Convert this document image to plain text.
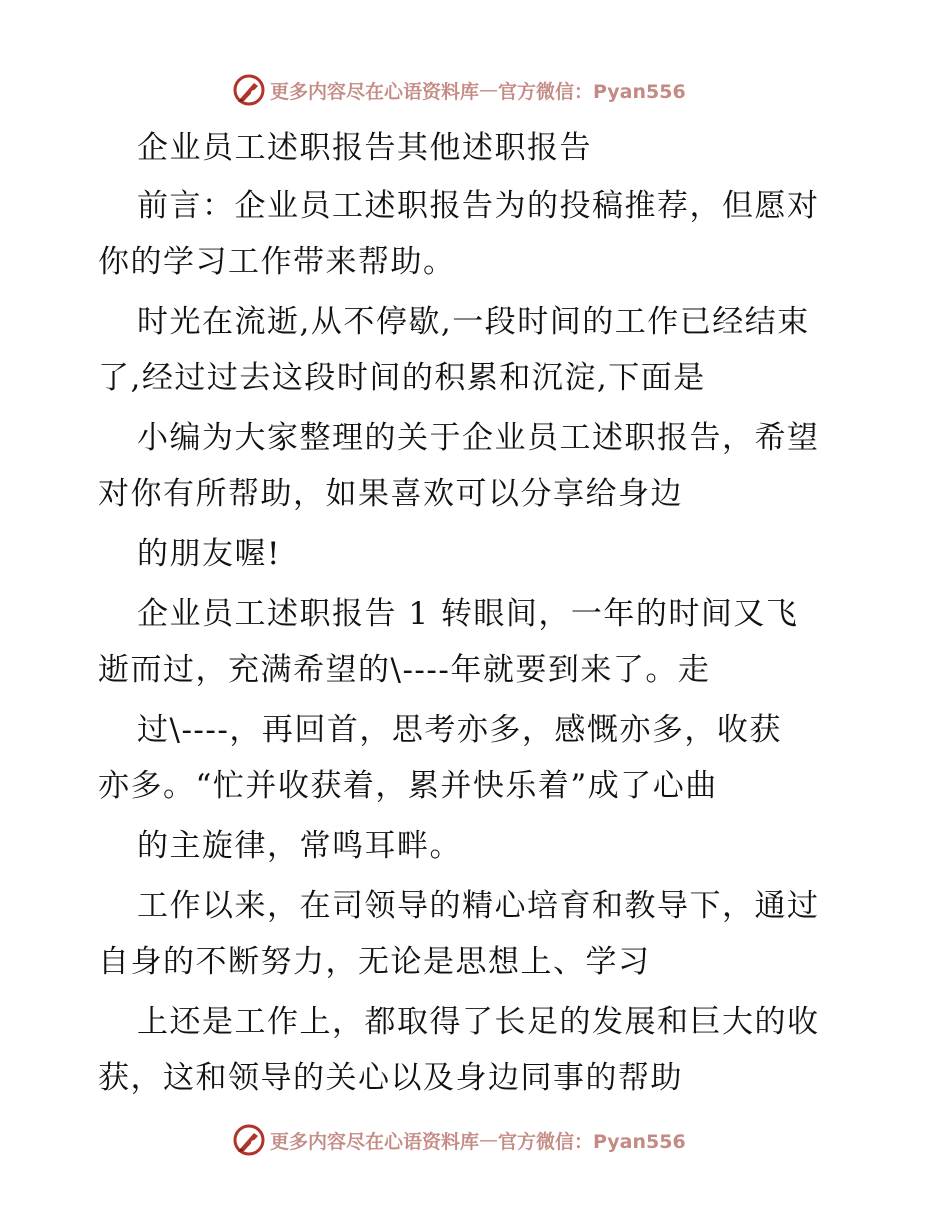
更多内容尽在心语资料库 — 官方微信：Pyan556
企业员工述职报告其他述职报告
前言：企业员工述职报告为的投稿推荐，但愿对
你的学习工作带来帮助。
时光在流逝,从不停歇,一段时间的工作已经结束
了,经过过去这段时间的积累和沉淀,下面是
小编为大家整理的关于企业员工述职报告，希望
对你有所帮助，如果喜欢可以分享给身边
的朋友喔!
企业员工述职报告 1 转眼间，一年的时间又飞
逝而过，充满希望的\----年就要到来了。走
过\----，再回首，思考亦多，感慨亦多，收获
亦多。“忙并收获着，累并快乐着”成了心曲
的主旋律，常鸣耳畔。
工作以来，在司领导的精心培育和教导下，通过
自身的不断努力，无论是思想上、学习
上还是工作上，都取得了长足的发展和巨大的收
获，这和领导的关心以及身边同事的帮助
更多内容尽在心语资料库 — 官方微信：Pyan556
